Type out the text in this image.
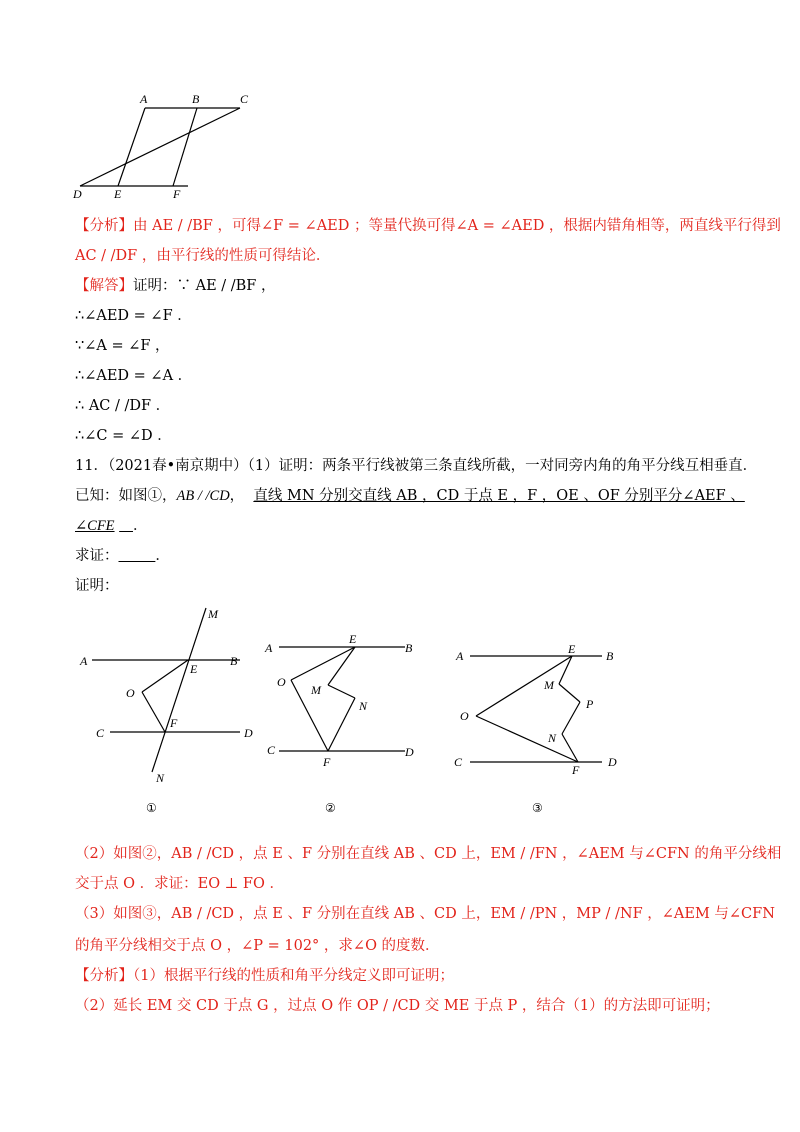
A	B	C
D	E	F
【分析】由 AE / /BF ，可得∠F = ∠AED ；等量代换可得∠A = ∠AED ，根据内错角相等，两直线平行得到
AC / /DF ，由平行线的性质可得结论．
【解答】证明：∵ AE / /BF ，
∴∠AED = ∠F ．
∵∠A = ∠F ，
∴∠AED = ∠A ．
∴ AC / /DF ．
∴∠C = ∠D ．
11．（2021春•南京期中）（1）证明：两条平行线被第三条直线所截，一对同旁内角的角平分线互相垂直．
已知：如图①，AB / /CD， 直线 MN 分别交直线 AB ，CD 于点 E ，F ，OE 、OF 分别平分∠AEF 、
∠CFE ．
求证：	．
证明：
M
A
E
B
O
F
C	D
N
①
A
E
B
O
M
N
C
F
D
②
A	E	B
M
P
O
N
C
F
D
③
（2）如图②，AB / /CD ，点 E 、F 分别在直线 AB 、CD 上，EM / /FN ，∠AEM 与∠CFN 的角平分线相
交于点 O ．求证：EO ⊥ FO ．
（3）如图③，AB / /CD ，点 E 、F 分别在直线 AB 、CD 上，EM / /PN ，MP / /NF ，∠AEM 与∠CFN
的角平分线相交于点 O ，∠P = 102° ，求∠O 的度数．
【分析】（1）根据平行线的性质和角平分线定义即可证明；
（2）延长 EM 交 CD 于点 G ，过点 O 作 OP / /CD 交 ME 于点 P ，结合（1）的方法即可证明；
